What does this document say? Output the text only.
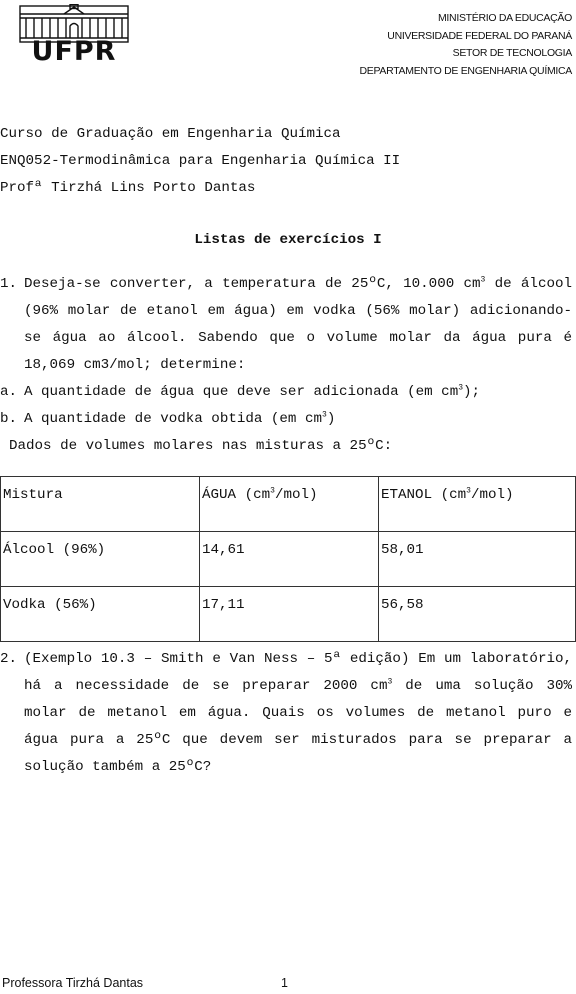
UFPR
MINISTÉRIO DA EDUCAÇÃO
UNIVERSIDADE FEDERAL DO PARANÁ
SETOR DE TECNOLOGIA
DEPARTAMENTO DE ENGENHARIA QUÍMICA
Curso de Graduação em Engenharia Química
ENQ052-Termodinâmica para Engenharia Química II
Profª Tirzhá Lins Porto Dantas
Listas de exercícios I
1. Deseja-se converter, a temperatura de 25ºC, 10.000 $cm^3$ de álcool (96% molar de etanol em água) em vodka (56% molar) adicionando-se água ao álcool. Sabendo que o volume molar da água pura é 18,069 cm3/mol; determine:
a. A quantidade de água que deve ser adicionada (em $cm^3$);
b. A quantidade de vodka obtida (em $cm^3$)
Dados de volumes molares nas misturas a 25ºC:
Mistura	ÁGUA $(cm^3/mol)$	ETANOL $(cm^3/mol)$
Álcool (96%)	14,61	58,01
Vodka (56%)	17,11	56,58
2. (Exemplo 10.3 – Smith e Van Ness – 5ª edição) Em um laboratório, há a necessidade de se preparar 2000 $cm^3$ de uma solução 30% molar de metanol em água. Quais os volumes de metanol puro e água pura a 25ºC que devem ser misturados para se preparar a solução também a 25ºC?
Professora Tirzhá Dantas	1
